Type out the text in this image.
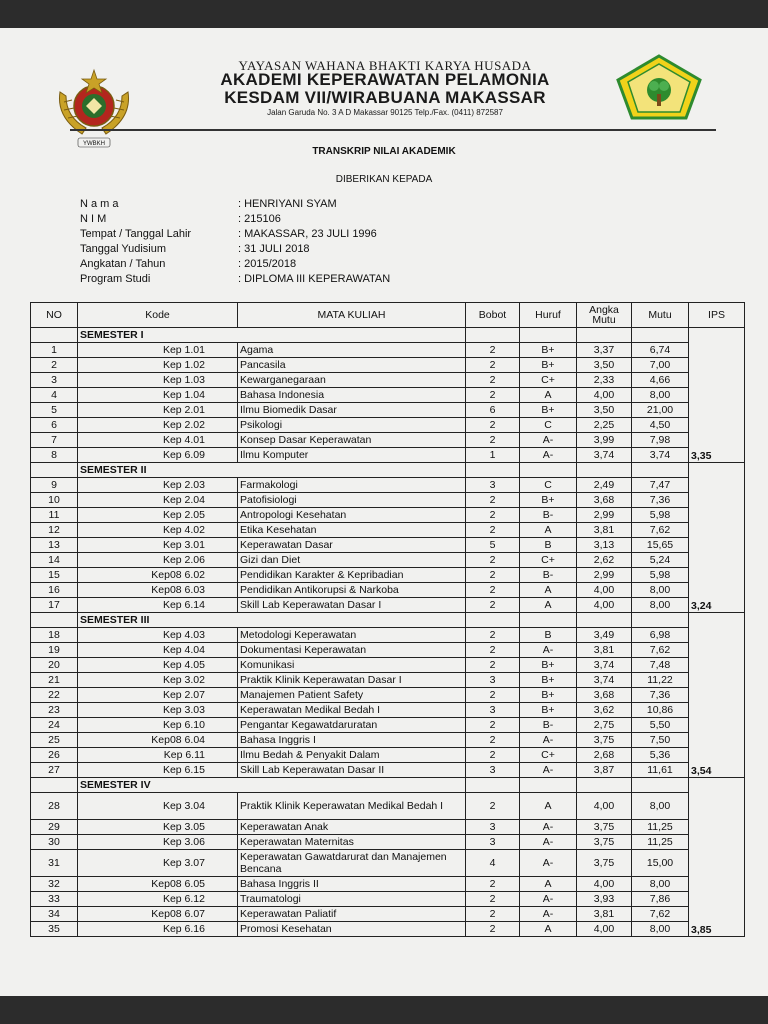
YWBKH
YAYASAN WAHANA BHAKTI KARYA HUSADA
AKADEMI KEPERAWATAN PELAMONIA
KESDAM VII/WIRABUANA MAKASSAR
Jalan Garuda No. 3 A D Makassar 90125 Telp./Fax. (0411) 872587
TRANSKRIP NILAI AKADEMIK
DIBERIKAN KEPADA
N a m a	: HENRIYANI SYAM
N I M	: 215106
Tempat / Tanggal Lahir	: MAKASSAR, 23 JULI 1996
Tanggal Yudisium	: 31 JULI 2018
Angkatan / Tahun	: 2015/2018
Program Studi	: DIPLOMA III KEPERAWATAN
NO	Kode	MATA KULIAH	Bobot	Huruf	Angka Mutu	Mutu	IPS
	SEMESTER I						3,35
1	Kep 1.01	Agama	2	B+	3,37	6,74	
2	Kep 1.02	Pancasila	2	B+	3,50	7,00	
3	Kep 1.03	Kewarganegaraan	2	C+	2,33	4,66	
4	Kep 1.04	Bahasa Indonesia	2	A	4,00	8,00	
5	Kep 2.01	Ilmu Biomedik Dasar	6	B+	3,50	21,00	
6	Kep 2.02	Psikologi	2	C	2,25	4,50	
7	Kep 4.01	Konsep Dasar Keperawatan	2	A-	3,99	7,98	
8	Kep 6.09	Ilmu Komputer	1	A-	3,74	3,74	
	SEMESTER II						3,24
9	Kep 2.03	Farmakologi	3	C	2,49	7,47	
10	Kep 2.04	Patofisiologi	2	B+	3,68	7,36	
11	Kep 2.05	Antropologi Kesehatan	2	B-	2,99	5,98	
12	Kep 4.02	Etika Kesehatan	2	A	3,81	7,62	
13	Kep 3.01	Keperawatan Dasar	5	B	3,13	15,65	
14	Kep 2.06	Gizi dan Diet	2	C+	2,62	5,24	
15	Kep08 6.02	Pendidikan Karakter & Kepribadian	2	B-	2,99	5,98	
16	Kep08 6.03	Pendidikan Antikorupsi & Narkoba	2	A	4,00	8,00	
17	Kep 6.14	Skill Lab Keperawatan Dasar I	2	A	4,00	8,00	
	SEMESTER III						3,54
18	Kep 4.03	Metodologi Keperawatan	2	B	3,49	6,98	
19	Kep 4.04	Dokumentasi Keperawatan	2	A-	3,81	7,62	
20	Kep 4.05	Komunikasi	2	B+	3,74	7,48	
21	Kep 3.02	Praktik Klinik Keperawatan Dasar I	3	B+	3,74	11,22	
22	Kep 2.07	Manajemen Patient Safety	2	B+	3,68	7,36	
23	Kep 3.03	Keperawatan Medikal Bedah I	3	B+	3,62	10,86	
24	Kep 6.10	Pengantar Kegawatdaruratan	2	B-	2,75	5,50	
25	Kep08 6.04	Bahasa Inggris I	2	A-	3,75	7,50	
26	Kep 6.11	Ilmu Bedah & Penyakit Dalam	2	C+	2,68	5,36	
27	Kep 6.15	Skill Lab Keperawatan Dasar II	3	A-	3,87	11,61	
	SEMESTER IV						3,85
28	Kep 3.04	Praktik Klinik Keperawatan Medikal Bedah I	2	A	4,00	8,00	
29	Kep 3.05	Keperawatan Anak	3	A-	3,75	11,25	
30	Kep 3.06	Keperawatan Maternitas	3	A-	3,75	11,25	
31	Kep 3.07	Keperawatan Gawatdarurat dan Manajemen Bencana	4	A-	3,75	15,00	
32	Kep08 6.05	Bahasa Inggris II	2	A	4,00	8,00	
33	Kep 6.12	Traumatologi	2	A-	3,93	7,86	
34	Kep08 6.07	Keperawatan Paliatif	2	A-	3,81	7,62	
35	Kep 6.16	Promosi Kesehatan	2	A	4,00	8,00	
